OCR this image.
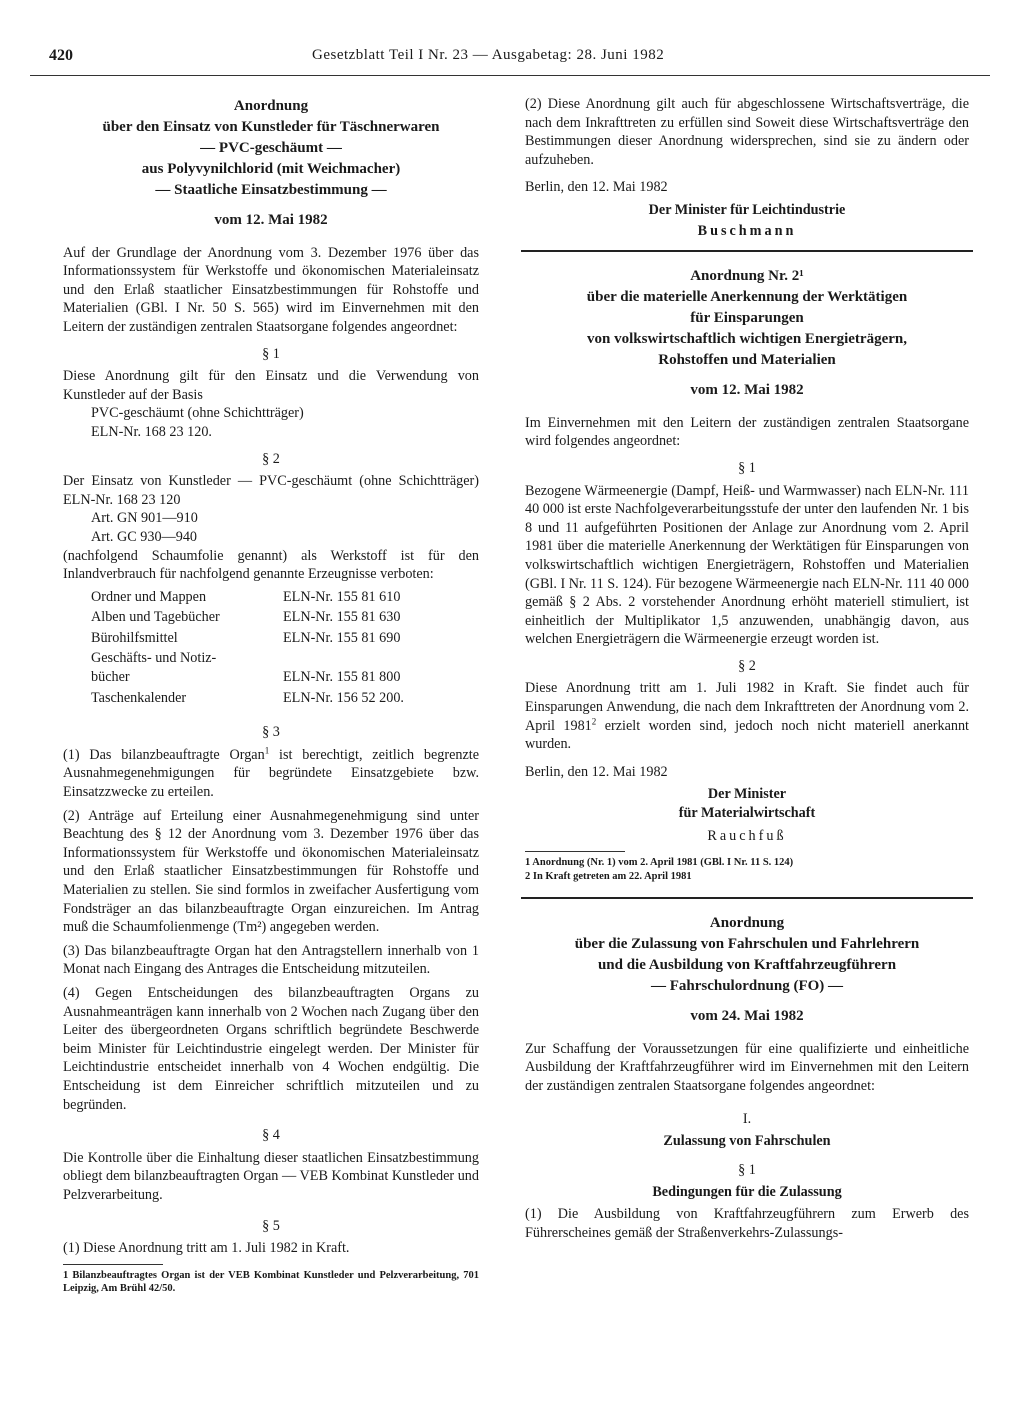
420	Gesetzblatt Teil I Nr. 23 — Ausgabetag: 28. Juni 1982
Anordnung
über den Einsatz von Kunstleder für Täschnerwaren
— PVC-geschäumt —
aus Polyvynilchlorid (mit Weichmacher)
— Staatliche Einsatzbestimmung —
vom 12. Mai 1982

Auf der Grundlage der Anordnung vom 3. Dezember 1976 über das Informationssystem für Werkstoffe und ökonomischen Materialeinsatz und den Erlaß staatlicher Einsatzbestimmungen für Rohstoffe und Materialien (GBl. I Nr. 50 S. 565) wird im Einvernehmen mit den Leitern der zuständigen zentralen Staatsorgane folgendes angeordnet:

§ 1

Diese Anordnung gilt für den Einsatz und die Verwendung von Kunstleder auf der Basis

PVC-geschäumt (ohne Schichtträger)

ELN-Nr. 168 23 120.

§ 2

Der Einsatz von Kunstleder — PVC-geschäumt (ohne Schichtträger) ELN-Nr. 168 23 120

Art. GN 901—910

Art. GC 930—940

(nachfolgend Schaumfolie genannt) als Werkstoff ist für den Inlandverbrauch für nachfolgend genannte Erzeugnisse verboten:

Ordner und Mappen	ELN-Nr. 155 81 610
Alben und Tagebücher	ELN-Nr. 155 81 630
Bürohilfsmittel	ELN-Nr. 155 81 690
Geschäfts- und Notiz- bücher	ELN-Nr. 155 81 800
Taschenkalender	ELN-Nr. 156 52 200.
§ 3

(1) Das bilanzbeauftragte Organ$^1$ ist berechtigt, zeitlich begrenzte Ausnahmegenehmigungen für begründete Einsatzgebiete bzw. Einsatzzwecke zu erteilen.

(2) Anträge auf Erteilung einer Ausnahmegenehmigung sind unter Beachtung des § 12 der Anordnung vom 3. Dezember 1976 über das Informationssystem für Werkstoffe und ökonomischen Materialeinsatz und den Erlaß staatlicher Einsatzbestimmungen für Rohstoffe und Materialien zu stellen. Sie sind formlos in zweifacher Ausfertigung vom Fondsträger an das bilanzbeauftragte Organ einzureichen. Im Antrag muß die Schaumfolienmenge (Tm²) angegeben werden.

(3) Das bilanzbeauftragte Organ hat den Antragstellern innerhalb von 1 Monat nach Eingang des Antrages die Entscheidung mitzuteilen.

(4) Gegen Entscheidungen des bilanzbeauftragten Organs zu Ausnahmeanträgen kann innerhalb von 2 Wochen nach Zugang über den Leiter des übergeordneten Organs schriftlich begründete Beschwerde beim Minister für Leichtindustrie eingelegt werden. Der Minister für Leichtindustrie entscheidet innerhalb von 4 Wochen endgültig. Die Entscheidung ist dem Einreicher schriftlich mitzuteilen und zu begründen.

§ 4

Die Kontrolle über die Einhaltung dieser staatlichen Einsatzbestimmung obliegt dem bilanzbeauftragten Organ — VEB Kombinat Kunstleder und Pelzverarbeitung.

§ 5

(1) Diese Anordnung tritt am 1. Juli 1982 in Kraft.

1 Bilanzbeauftragtes Organ ist der VEB Kombinat Kunstleder und Pelzverarbeitung, 701 Leipzig, Am Brühl 42/50.

(2) Diese Anordnung gilt auch für abgeschlossene Wirtschaftsverträge, die nach dem Inkrafttreten zu erfüllen sind Soweit diese Wirtschaftsverträge den Bestimmungen dieser Anordnung widersprechen, sind sie zu ändern oder aufzuheben.

Berlin, den 12. Mai 1982

Der Minister für Leichtindustrie
Buschmann
Anordnung Nr. 2¹
über die materielle Anerkennung der Werktätigen
für Einsparungen
von volkswirtschaftlich wichtigen Energieträgern,
Rohstoffen und Materialien
vom 12. Mai 1982

Im Einvernehmen mit den Leitern der zuständigen zentralen Staatsorgane wird folgendes angeordnet:

§ 1

Bezogene Wärmeenergie (Dampf, Heiß- und Warmwasser) nach ELN-Nr. 111 40 000 ist erste Nachfolgeverarbeitungsstufe der unter den laufenden Nr. 1 bis 8 und 11 aufgeführten Positionen der Anlage zur Anordnung vom 2. April 1981 über die materielle Anerkennung der Werktätigen für Einsparungen von volkswirtschaftlich wichtigen Energieträgern, Rohstoffen und Materialien (GBl. I Nr. 11 S. 124). Für bezogene Wärmeenergie nach ELN-Nr. 111 40 000 gemäß § 2 Abs. 2 vorstehender Anordnung erhöht materiell stimuliert, ist einheitlich der Multiplikator 1,5 anzuwenden, unabhängig davon, aus welchen Energieträgern die Wärmeenergie erzeugt worden ist.

§ 2

Diese Anordnung tritt am 1. Juli 1982 in Kraft. Sie findet auch für Einsparungen Anwendung, die nach dem Inkrafttreten der Anordnung vom 2. April 1981$^2$ erzielt worden sind, jedoch noch nicht materiell anerkannt wurden.

Berlin, den 12. Mai 1982

Der Minister
für Materialwirtschaft
Rauchfuß

1 Anordnung (Nr. 1) vom 2. April 1981 (GBl. I Nr. 11 S. 124)

2 In Kraft getreten am 22. April 1981

Anordnung
über die Zulassung von Fahrschulen und Fahrlehrern
und die Ausbildung von Kraftfahrzeugführern
— Fahrschulordnung (FO) —
vom 24. Mai 1982

Zur Schaffung der Voraussetzungen für eine qualifizierte und einheitliche Ausbildung der Kraftfahrzeugführer wird im Einvernehmen mit den Leitern der zuständigen zentralen Staatsorgane folgendes angeordnet:

I.
Zulassung von Fahrschulen
§ 1
Bedingungen für die Zulassung

(1) Die Ausbildung von Kraftfahrzeugführern zum Erwerb des Führerscheines gemäß der Straßenverkehrs-Zulassungs-
